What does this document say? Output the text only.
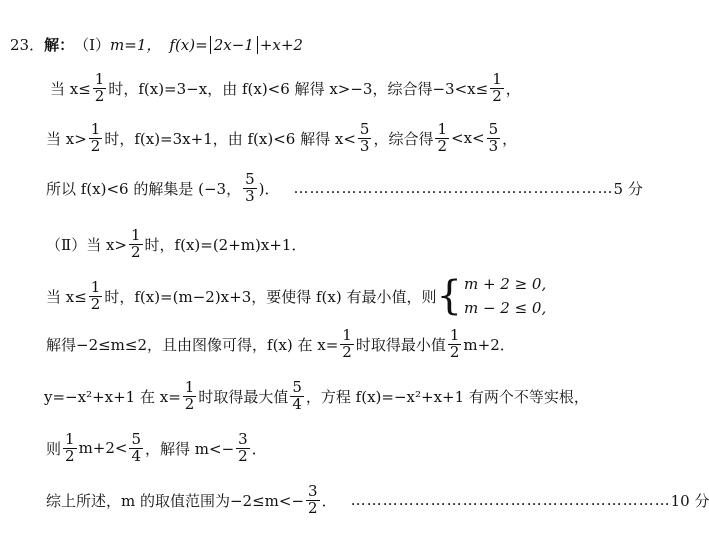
23． 解： （Ⅰ） m=1， f(x)= 2x−1 +x+2
当 $x\le \frac{1}{2}$ 时，f(x)=3−x，由 f(x)<6 解得 x>−3，综合得$-3<x\le \frac{1}{2}$ ，
当 $x> \frac{1}{2}$ 时，f(x)=3x+1，由 f(x)<6 解得 $x< \frac{5}{3}$ ，综合得 $\frac{1}{2} <x< \frac{5}{3}$ ，
所以 f(x)<6 的解集是 (−3， $\frac{5}{3}$ )． …………………………………………………… 5 分
（Ⅱ）当 $x> \frac{1}{2}$ 时，f(x)=(2+m)x+1．
当 $x\le \frac{1}{2}$ 时，f(x)=(m−2)x+3，要使得 f(x) 有最小值，则 { m + 2 ≥ 0,
m − 2 ≤ 0,
解得−2≤m≤2，且由图像可得，f(x) 在 $x= \frac{1}{2}$ 时取得最小值 $\frac{1}{2} m+2$．
y=−x²+x+1 在 $x= \frac{1}{2}$ 时取得最大值 $\frac{5}{4}$ ，方程 f(x)=−x²+x+1 有两个不等实根，
则 $\frac{1}{2} m+2< \frac{5}{4}$ ，解得 $m<- \frac{3}{2}$ ．
综上所述，m 的取值范围为$-2\le m<- \frac{3}{2}$ ． …………………………………………………… 10 分
